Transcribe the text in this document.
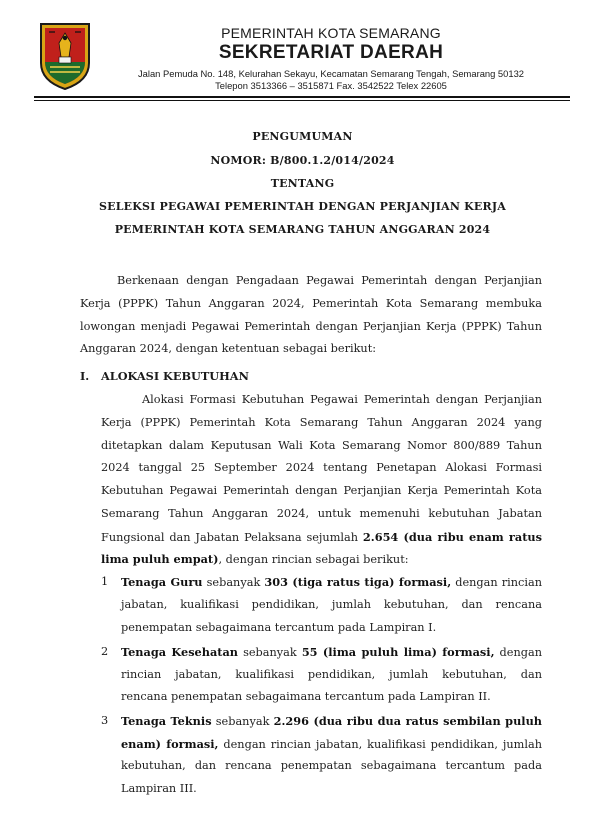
PEMERINTAH KOTA SEMARANG
SEKRETARIAT DAERAH
Jalan Pemuda No. 148, Kelurahan Sekayu, Kecamatan Semarang Tengah, Semarang 50132
Telepon 3513366 – 3515871 Fax. 3542522 Telex 22605
PENGUMUMAN
NOMOR: B/800.1.2/014/2024
TENTANG
SELEKSI PEGAWAI PEMERINTAH DENGAN PERJANJIAN KERJA
PEMERINTAH KOTA SEMARANG TAHUN ANGGARAN 2024
Berkenaan dengan Pengadaan Pegawai Pemerintah dengan Perjanjian
Kerja (PPPK) Tahun Anggaran 2024, Pemerintah Kota Semarang membuka
lowongan menjadi Pegawai Pemerintah dengan Perjanjian Kerja (PPPK) Tahun
Anggaran 2024, dengan ketentuan sebagai berikut:
I. ALOKASI KEBUTUHAN
Alokasi Formasi Kebutuhan Pegawai Pemerintah dengan Perjanjian
Kerja (PPPK) Pemerintah Kota Semarang Tahun Anggaran 2024 yang
ditetapkan dalam Keputusan Wali Kota Semarang Nomor 800/889 Tahun
2024 tanggal 25 September 2024 tentang Penetapan Alokasi Formasi
Kebutuhan Pegawai Pemerintah dengan Perjanjian Kerja Pemerintah Kota
Semarang Tahun Anggaran 2024, untuk memenuhi kebutuhan Jabatan
Fungsional dan Jabatan Pelaksana sejumlah 2.654 (dua ribu enam ratus
lima puluh empat), dengan rincian sebagai berikut:
1 Tenaga Guru sebanyak 303 (tiga ratus tiga) formasi, dengan rincian
jabatan, kualifikasi pendidikan, jumlah kebutuhan, dan rencana
penempatan sebagaimana tercantum pada Lampiran I.
2 Tenaga Kesehatan sebanyak 55 (lima puluh lima) formasi, dengan
rincian jabatan, kualifikasi pendidikan, jumlah kebutuhan, dan
rencana penempatan sebagaimana tercantum pada Lampiran II.
3 Tenaga Teknis sebanyak 2.296 (dua ribu dua ratus sembilan puluh
enam) formasi, dengan rincian jabatan, kualifikasi pendidikan, jumlah
kebutuhan, dan rencana penempatan sebagaimana tercantum pada
Lampiran III.
